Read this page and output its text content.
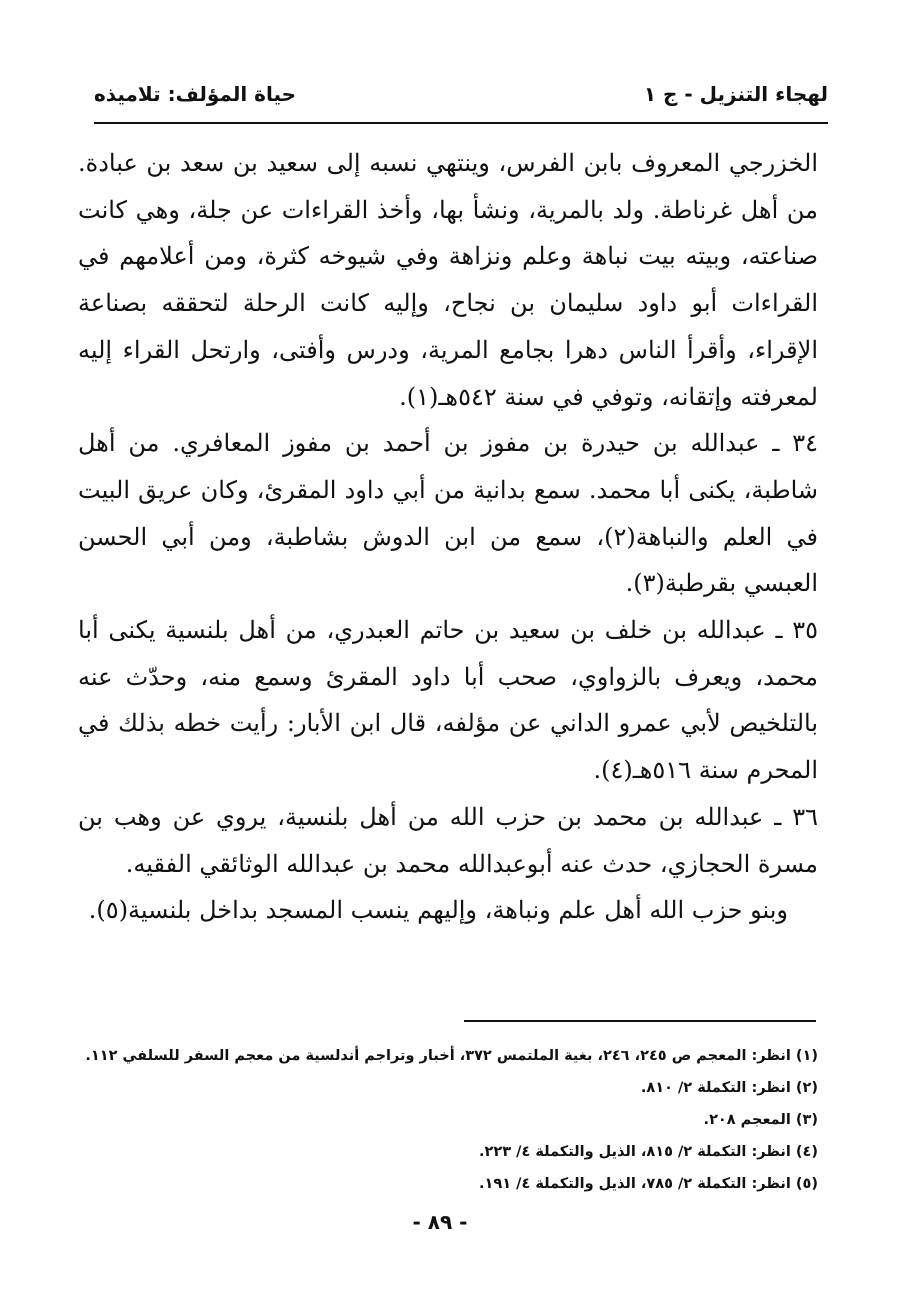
لهجاء التنزيل - ج ١
حياة المؤلف: تلاميذه

الخزرجي المعروف بابن الفرس، وينتهي نسبه إلى سعيد بن سعد بن عبادة. من أهل غرناطة. ولد بالمرية، ونشأ بها، وأخذ القراءات عن جلة، وهي كانت صناعته، وبيته بيت نباهة وعلم ونزاهة وفي شيوخه كثرة، ومن أعلامهم في القراءات أبو داود سليمان بن نجاح، وإليه كانت الرحلة لتحققه بصناعة الإقراء، وأقرأ الناس دهرا بجامع المرية، ودرس وأفتى، وارتحل القراء إليه لمعرفته وإتقانه، وتوفي في سنة ٥٤٢هـ(١).

٣٤ ـ عبدالله بن حيدرة بن مفوز بن أحمد بن مفوز المعافري. من أهل شاطبة، يكنى أبا محمد. سمع بدانية من أبي داود المقرئ، وكان عريق البيت في العلم والنباهة(٢)، سمع من ابن الدوش بشاطبة، ومن أبي الحسن العبسي بقرطبة(٣).

٣٥ ـ عبدالله بن خلف بن سعيد بن حاتم العبدري، من أهل بلنسية يكنى أبا محمد، ويعرف بالزواوي، صحب أبا داود المقرئ وسمع منه، وحدّث عنه بالتلخيص لأبي عمرو الداني عن مؤلفه، قال ابن الأبار: رأيت خطه بذلك في المحرم سنة ٥١٦هـ(٤).

٣٦ ـ عبدالله بن محمد بن حزب الله من أهل بلنسية، يروي عن وهب بن مسرة الحجازي، حدث عنه أبوعبدالله محمد بن عبدالله الوثائقي الفقيه.

وبنو حزب الله أهل علم ونباهة، وإليهم ينسب المسجد بداخل بلنسية(٥).

(١) انظر: المعجم ص ٢٤٥، ٢٤٦، بغية الملتمس ٣٧٢، أخبار وتراجم أندلسية من معجم السفر للسلفي ١١٢.
(٢) انظر: التكملة ٢/ ٨١٠.
(٣) المعجم ٢٠٨.
(٤) انظر: التكملة ٢/ ٨١٥، الذيل والتكملة ٤/ ٢٢٣.
(٥) انظر: التكملة ٢/ ٧٨٥، الذيل والتكملة ٤/ ١٩١.
- ٨٩ -
